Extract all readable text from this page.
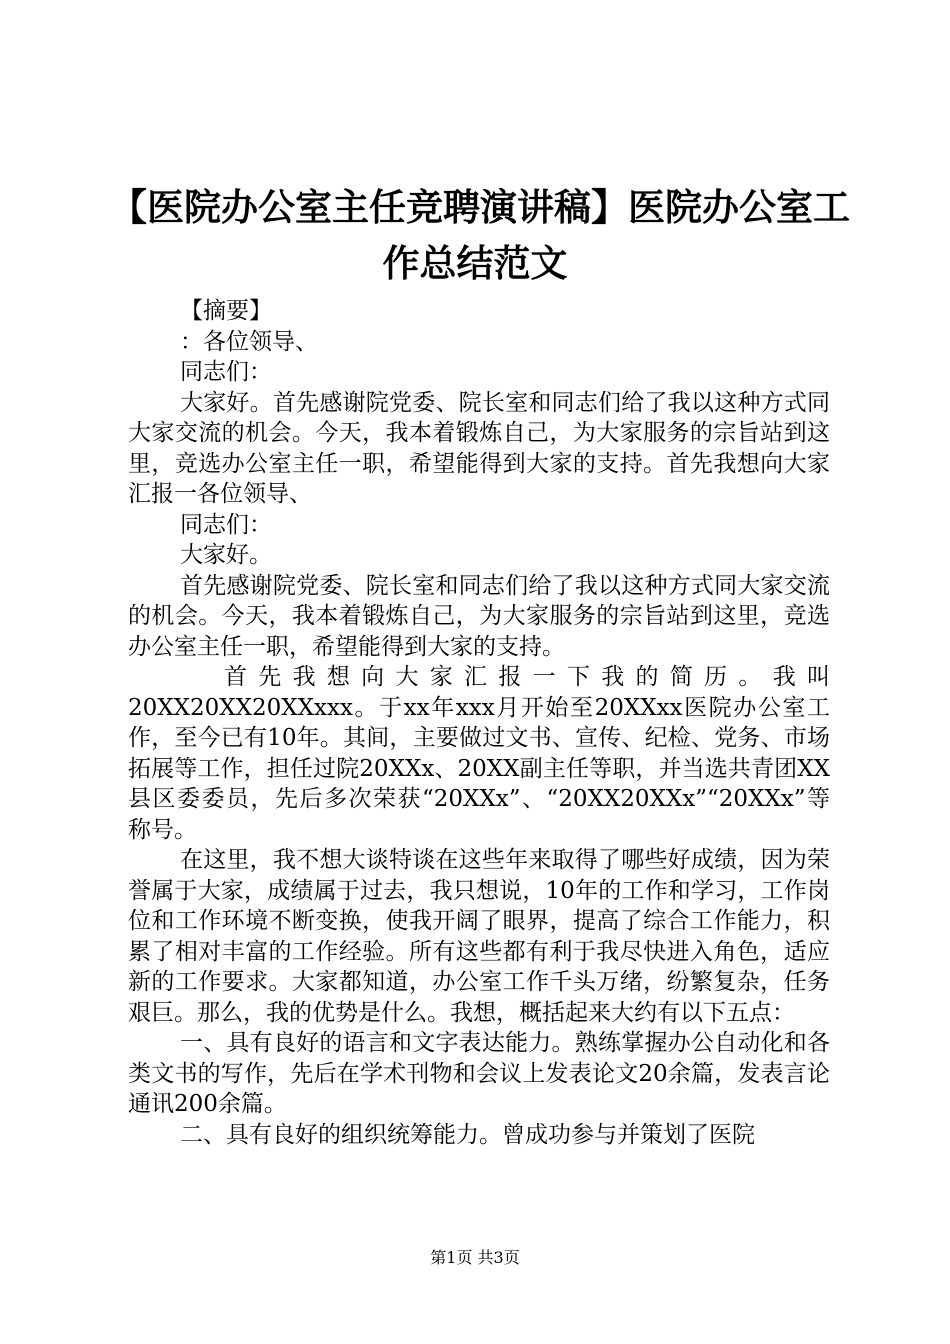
【医院办公室主任竞聘演讲稿】医院办公室工
作总结范文

【摘要】

：各位领导、

同志们：

大家好。首先感谢院党委、院长室和同志们给了我以这种方式同大家交流的机会。今天，我本着锻炼自己，为大家服务的宗旨站到这里，竞选办公室主任一职，希望能得到大家的支持。首先我想向大家汇报一各位领导、

同志们：

大家好。

首先感谢院党委、院长室和同志们给了我以这种方式同大家交流的机会。今天，我本着锻炼自己，为大家服务的宗旨站到这里，竞选办公室主任一职，希望能得到大家的支持。

首先我想向大家汇报一下我的简历。我叫20XX20XX20XXxxx。于xx年xxx月开始至20XXxx医院办公室工作，至今已有10年。其间，主要做过文书、宣传、纪检、党务、市场拓展等工作，担任过院20XXx、20XX副主任等职，并当选共青团XX县区委委员，先后多次荣获“20XXx”、“20XX20XXx”“20XXx”等称号。

在这里，我不想大谈特谈在这些年来取得了哪些好成绩，因为荣誉属于大家，成绩属于过去，我只想说，10年的工作和学习，工作岗位和工作环境不断变换，使我开阔了眼界，提高了综合工作能力，积累了相对丰富的工作经验。所有这些都有利于我尽快进入角色，适应新的工作要求。大家都知道，办公室工作千头万绪，纷繁复杂，任务艰巨。那么，我的优势是什么。我想，概括起来大约有以下五点：

一、具有良好的语言和文字表达能力。熟练掌握办公自动化和各类文书的写作，先后在学术刊物和会议上发表论文20余篇，发表言论通讯200余篇。

二、具有良好的组织统筹能力。曾成功参与并策划了医院

第1页 共3页
